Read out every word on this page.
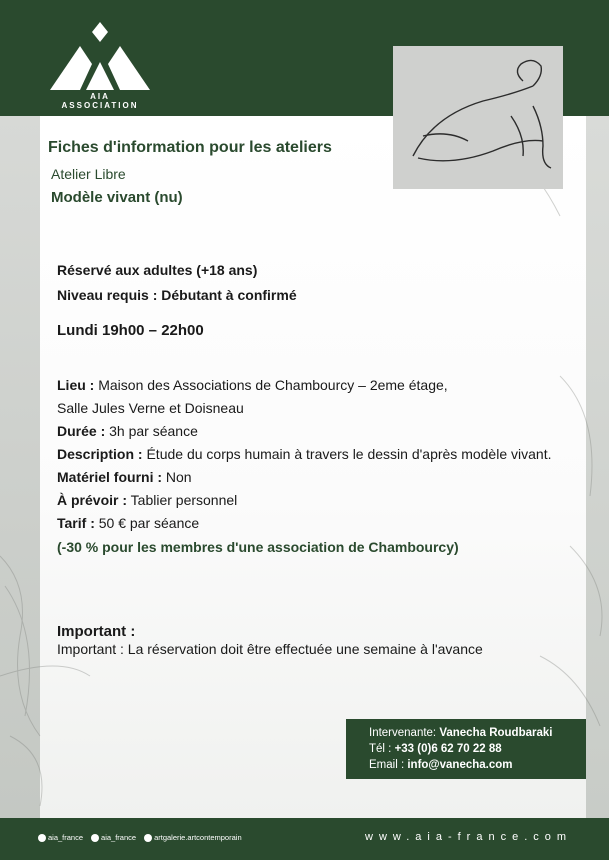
AIA ASSOCIATION
Fiches d'information pour les ateliers
Atelier Libre
Modèle vivant (nu)
Réservé aux adultes (+18 ans)
Niveau requis : Débutant à confirmé
Lundi 19h00 – 22h00
Lieu : Maison des Associations de Chambourcy – 2eme étage,
Salle Jules Verne et Doisneau
Durée : 3h par séance
Description : Étude du corps humain à travers le dessin d'après modèle vivant.
Matériel fourni : Non
À prévoir : Tablier personnel
Tarif : 50 € par séance
(-30 % pour les membres d'une association de Chambourcy)
Important :
Important : La réservation doit être effectuée une semaine à l'avance
Intervenante: Vanecha Roudbaraki
Tél : +33 (0)6 62 70 22 88
Email : info@vanecha.com
aia_france aia_france artgalerie.artcontemporain	www.aia-france.com
